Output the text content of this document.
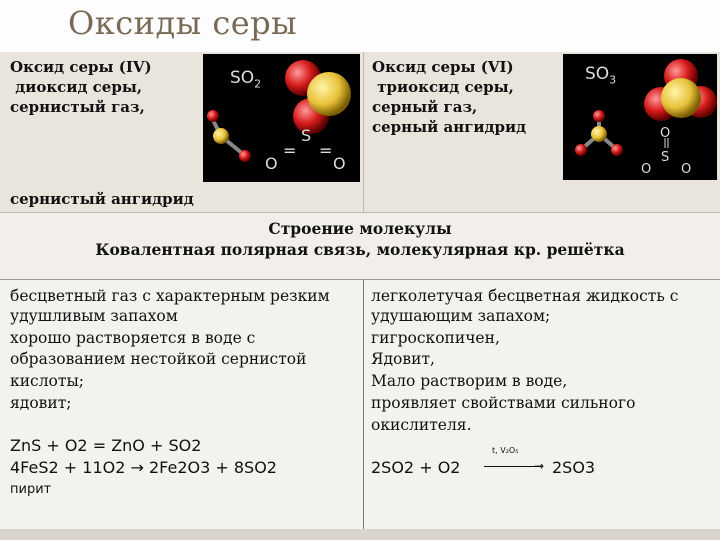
Оксиды серы
Оксид серы (IV)
диоксид серы,
сернистый газ,
сернистый ангидрид
$SO_2$
O
=
S
=
O
Оксид серы (VI)
триоксид серы,
серный газ,
серный ангидрид
$SO_3$
O
S
O O
Строение молекулы
Ковалентная полярная связь, молекулярная кр. решётка
бесцветный газ с характерным резким
удушливым запахом
хорошо растворяется в воде с
образованием нестойкой сернистой
кислоты;
ядовит;
ZnS + O2 = ZnO + SO2
4FeS2 + 11O2 → 2Fe2O3 + 8SO2
пирит
легколетучая бесцветная жидкость с
удушающим запахом;
гигроскопичен,
Ядовит,
Мало растворим в воде,
проявляет свойствами сильного
окислителя.
2SO2 + O2
t, V₂O₅
→ 2SO3
